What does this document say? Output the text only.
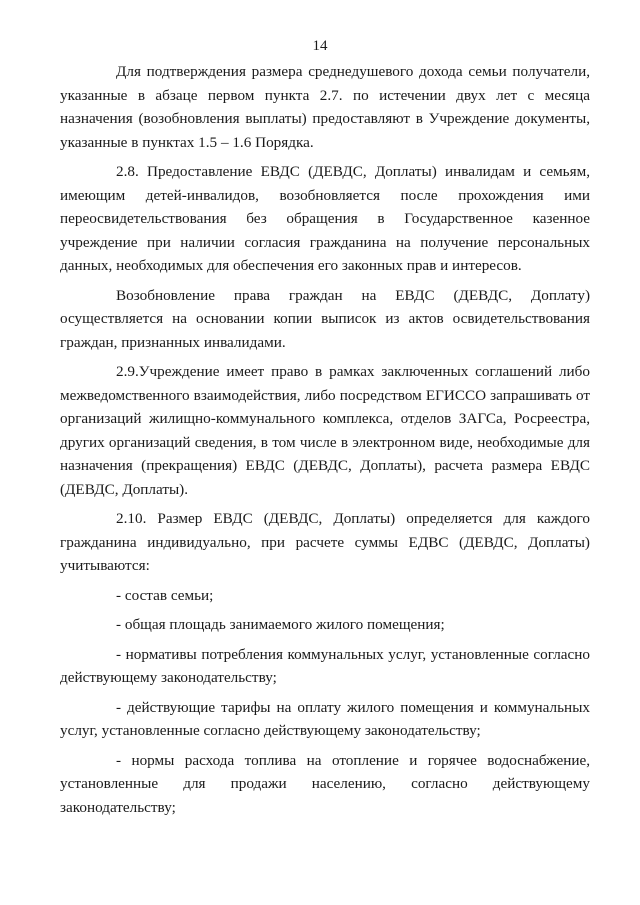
14

Для подтверждения размера среднедушевого дохода семьи получатели, указанные в абзаце первом пункта 2.7. по истечении двух лет с месяца назначения (возобновления выплаты) предоставляют в Учреждение документы, указанные в пунктах 1.5 – 1.6 Порядка.

2.8. Предоставление ЕВДС (ДЕВДС, Доплаты) инвалидам и семьям, имеющим детей-инвалидов, возобновляется после прохождения ими переосвидетельствования без обращения в Государственное казенное учреждение при наличии согласия гражданина на получение персональных данных, необходимых для обеспечения его законных прав и интересов.

Возобновление права граждан на ЕВДС (ДЕВДС, Доплату) осуществляется на основании копии выписок из актов освидетельствования граждан, признанных инвалидами.

2.9.Учреждение имеет право в рамках заключенных соглашений либо межведомственного взаимодействия, либо посредством ЕГИССО запрашивать от организаций жилищно-коммунального комплекса, отделов ЗАГСа, Росреестра, других организаций сведения, в том числе в электронном виде, необходимые для назначения (прекращения) ЕВДС (ДЕВДС, Доплаты), расчета размера ЕВДС (ДЕВДС, Доплаты).

2.10. Размер ЕВДС (ДЕВДС, Доплаты) определяется для каждого гражданина индивидуально, при расчете суммы ЕДВС (ДЕВДС, Доплаты) учитываются:

- состав семьи;

- общая площадь занимаемого жилого помещения;

- нормативы потребления коммунальных услуг, установленные согласно действующему законодательству;

- действующие тарифы на оплату жилого помещения и коммунальных услуг, установленные согласно действующему законодательству;

- нормы расхода топлива на отопление и горячее водоснабжение, установленные для продажи населению, согласно действующему законодательству;
